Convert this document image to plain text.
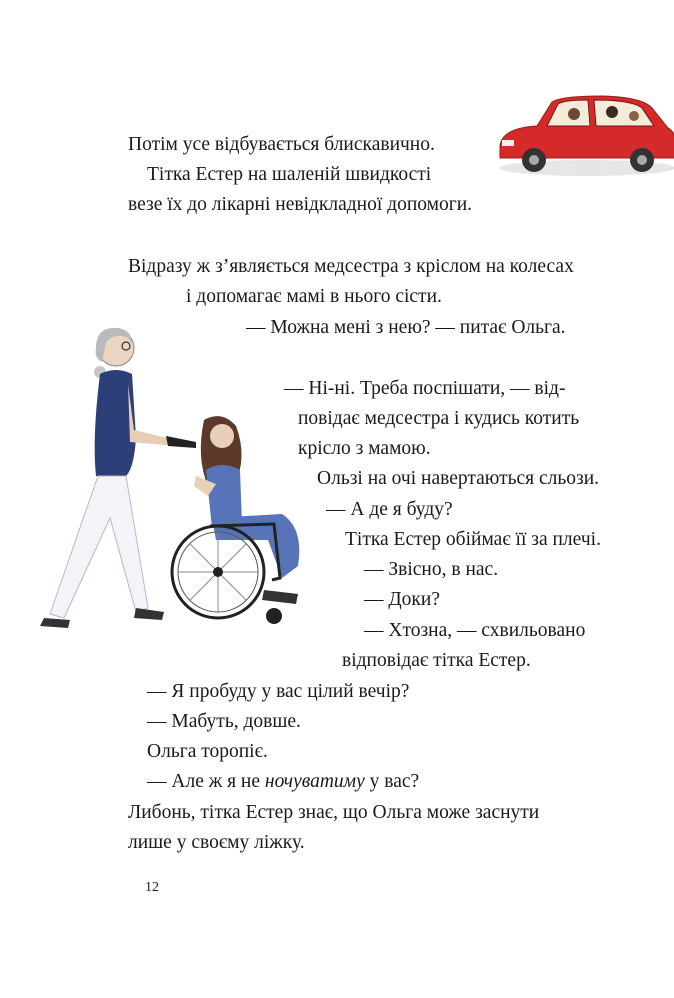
Потім усе відбувається блискавично.
Тітка Естер на шаленій швидкості
везе їх до лікарні невідкладної допомоги.
Відразу ж з’являється медсестра з кріслом на колесах
і допомагає мамі в нього сісти.
— Можна мені з нею? — питає Ольга.
— Ні-ні. Треба поспішати, — від-
повідає медсестра і кудись котить
крісло з мамою.
Ользі на очі навертаються сльози.
— А де я буду?
Тітка Естер обіймає її за плечі.
— Звісно, в нас.
— Доки?
— Хтозна, — схвильовано
відповідає тітка Естер.
— Я пробуду у вас цілий вечір?
— Мабуть, довше.
Ольга торопіє.
— Але ж я не ночуватиму у вас?
Либонь, тітка Естер знає, що Ольга може заснути
лише у своєму ліжку.
12
